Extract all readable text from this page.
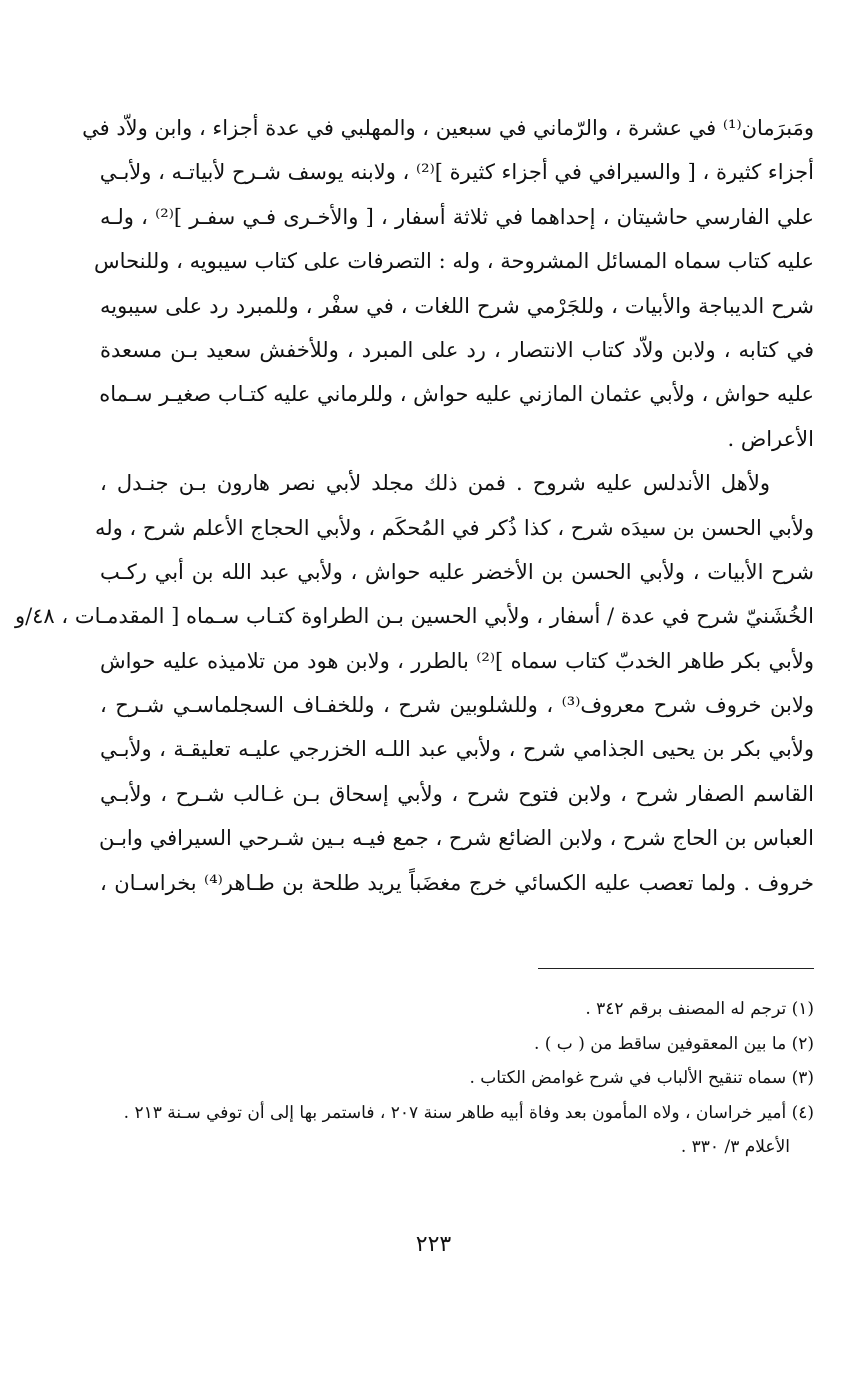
ومَبرَمان⁽¹⁾ في عشرة ، والرّماني في سبعين ، والمهلبي في عدة أجزاء ، وابن ولاّد في
أجزاء كثيرة ، [ والسيرافي في أجزاء كثيرة ]⁽²⁾ ، ولابنه يوسف شـرح لأبياتـه ، ولأبـي
علي الفارسي حاشيتان ، إحداهما في ثلاثة أسفار ، [ والأخـرى فـي سفـر ]⁽²⁾ ، ولـه
عليه كتاب سماه المسائل المشروحة ، وله : التصرفات على كتاب سيبويه ، وللنحاس
شرح الديباجة والأبيات ، وللجَرْمي شرح اللغات ، في سفْر ، وللمبرد رد على سيبويه
في كتابه ، ولابن ولاّد كتاب الانتصار ، رد على المبرد ، وللأخفش سعيد بـن مسعدة
عليه حواش ، ولأبي عثمان المازني عليه حواش ، وللرماني عليه كتـاب صغيـر سـماه
الأعراض .
ولأهل الأندلس عليه شروح . فمن ذلك مجلد لأبي نصر هارون بـن جنـدل ،
ولأبي الحسن بن سيدَه شرح ، كذا ذُكر في المُحكَم ، ولأبي الحجاج الأعلم شرح ، وله
شرح الأبيات ، ولأبي الحسن بن الأخضر عليه حواش ، ولأبي عبد الله بن أبي ركـب
الخُشَنيّ شرح في عدة / أسفار ، ولأبي الحسين بـن الطراوة كتـاب سـماه [ المقدمـات ، ٤٨/و
ولأبي بكر طاهر الخدبّ كتاب سماه ]⁽²⁾ بالطرر ، ولابن هود من تلاميذه عليه حواش
ولابن خروف شرح معروف⁽³⁾ ، وللشلوبين شرح ، وللخفـاف السجلماسـي شـرح ،
ولأبي بكر بن يحيى الجذامي شرح ، ولأبي عبد اللـه الخزرجي عليـه تعليقـة ، ولأبـي
القاسم الصفار شرح ، ولابن فتوح شرح ، ولأبي إسحاق بـن غـالب شـرح ، ولأبـي
العباس بن الحاج شرح ، ولابن الضائع شرح ، جمع فيـه بـين شـرحي السيرافي وابـن
خروف . ولما تعصب عليه الكسائي خرج مغضَباً يريد طلحة بن طـاهر⁽⁴⁾ بخراسـان ،
(١) ترجم له المصنف برقم ٣٤٢ .
(٢) ما بين المعقوفين ساقط من ( ب ) .
(٣) سماه تنقيح الألباب في شرح غوامض الكتاب .
(٤) أمير خراسان ، ولاه المأمون بعد وفاة أبيه طاهر سنة ٢٠٧ ، فاستمر بها إلى أن توفي سـنة ٢١٣ .
الأعلام ٣/ ٣٣٠ .
٢٢٣
